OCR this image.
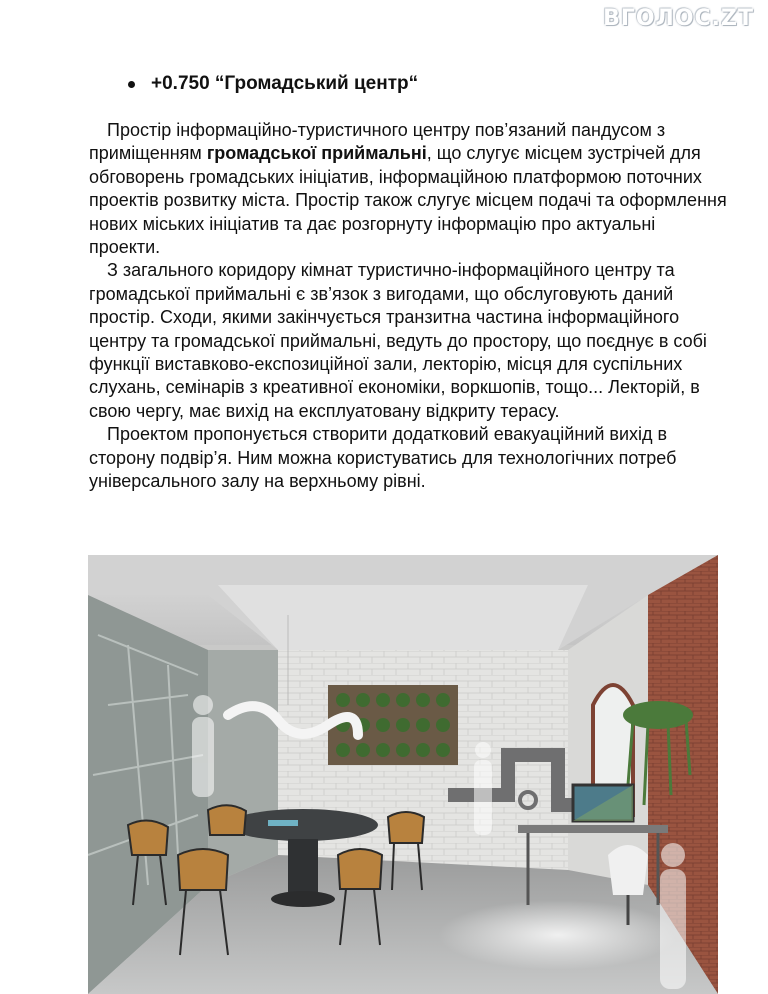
ВГОЛОС.ZT
+0.750 “Громадський центр“

Простір інформаційно-туристичного центру пов’язаний пандусом з приміщенням громадської приймальні, що слугує місцем зустрічей для обговорень громадських ініціатив, інформаційною платформою поточних проектів розвитку міста. Простір також слугує місцем подачі та оформлення нових міських ініціатив та дає розгорнуту інформацію про актуальні проекти.

З загального коридору кімнат туристично-інформаційного центру та громадської приймальні є зв’язок з вигодами, що обслуговують даний простір. Сходи, якими закінчується транзитна частина інформаційного центру та громадської приймальні, ведуть до простору, що поєднує в собі функції виставково-експозиційної зали, лекторію, місця для суспільних слухань, семінарів з креативної економіки, воркшопів, тощо... Лекторій, в свою чергу, має вихід на експлуатовану відкриту терасу.

Проектом пропонується створити додатковий евакуаційний вихід в сторону подвір’я. Ним можна користуватись для технологічних потреб універсального залу на верхньому рівні.
